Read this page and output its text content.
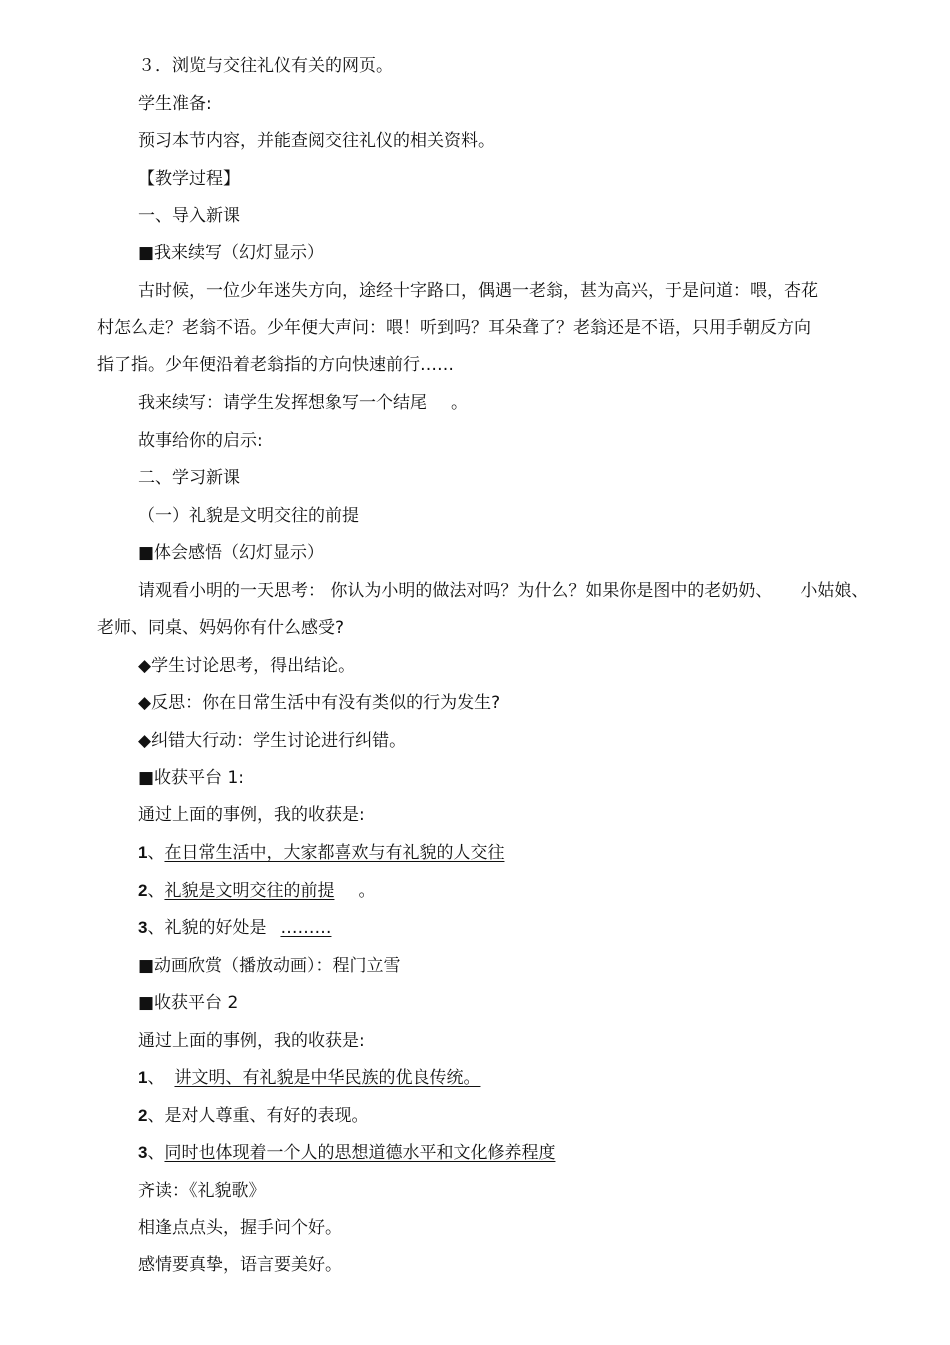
３．浏览与交往礼仪有关的网页。
学生准备:
预习本节内容，并能查阅交往礼仪的相关资料。
【教学过程】
一、导入新课
■我来续写（幻灯显示）
古时候，一位少年迷失方向，途经十字路口，偶遇一老翁，甚为高兴，于是问道：喂，杏花
村怎么走？老翁不语。少年便大声问：喂！听到吗？耳朵聋了？老翁还是不语，只用手朝反方向
指了指。少年便沿着老翁指的方向快速前行……
我来续写：请学生发挥想象写一个结尾 。
故事给你的启示:
二、学习新课
（一）礼貌是文明交往的前提
■体会感悟（幻灯显示）
请观看小明的一天思考： 你认为小明的做法对吗？为什么？如果你是图中的老奶奶、 小姑娘、
老师、同桌、妈妈你有什么感受?
◆学生讨论思考，得出结论。
◆反思：你在日常生活中有没有类似的行为发生?
◆纠错大行动：学生讨论进行纠错。
■收获平台 1:
通过上面的事例，我的收获是:
1、在日常生活中，大家都喜欢与有礼貌的人交往
2、礼貌是文明交往的前提 。
3、礼貌的好处是 ………
■动画欣赏（播放动画）：程门立雪
■收获平台 2
通过上面的事例，我的收获是:
1、 讲文明、有礼貌是中华民族的优良传统。
2、是对人尊重、有好的表现。
3、同时也体现着一个人的思想道德水平和文化修养程度
齐读：《礼貌歌》
相逢点点头，握手问个好。
感情要真挚，语言要美好。
